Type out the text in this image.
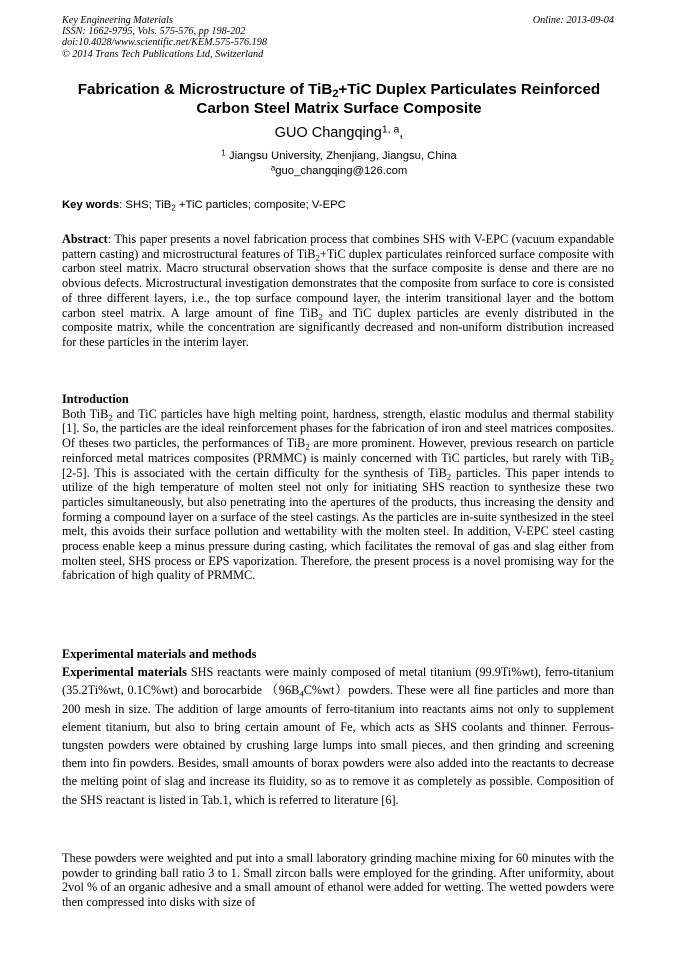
Key Engineering Materials
ISSN: 1662-9795, Vols. 575-576, pp 198-202
doi:10.4028/www.scientific.net/KEM.575-576.198
© 2014 Trans Tech Publications Ltd, Switzerland
Online: 2013-09-04
Fabrication & Microstructure of TiB$_2$+TiC Duplex Particulates Reinforced
Carbon Steel Matrix Surface Composite
GUO Changqing$^{1, a}$,
$^1$ Jiangsu University, Zhenjiang, Jiangsu, China
$^a$guo_changqing@126.com
Key words: SHS; TiB$_2$ +TiC particles; composite; V-EPC

Abstract: This paper presents a novel fabrication process that combines SHS with V-EPC (vacuum expandable pattern casting) and microstructural features of TiB$_2$+TiC duplex particulates reinforced surface composite with carbon steel matrix. Macro structural observation shows that the surface composite is dense and there are no obvious defects. Microstructural investigation demonstrates that the composite from surface to core is consisted of three different layers, i.e., the top surface compound layer, the interim transitional layer and the bottom carbon steel matrix. A large amount of fine TiB$_2$ and TiC duplex particles are evenly distributed in the composite matrix, while the concentration are significantly decreased and non-uniform distribution increased for these particles in the interim layer.

Introduction

Both TiB$_2$ and TiC particles have high melting point, hardness, strength, elastic modulus and thermal stability [1]. So, the particles are the ideal reinforcement phases for the fabrication of iron and steel matrices composites. Of theses two particles, the performances of TiB$_2$ are more prominent. However, previous research on particle reinforced metal matrices composites (PRMMC) is mainly concerned with TiC particles, but rarely with TiB$_2$ [2-5]. This is associated with the certain difficulty for the synthesis of TiB$_2$ particles. This paper intends to utilize of the high temperature of molten steel not only for initiating SHS reaction to synthesize these two particles simultaneously, but also penetrating into the apertures of the products, thus increasing the density and forming a compound layer on a surface of the steel castings. As the particles are in-suite synthesized in the steel melt, this avoids their surface pollution and wettability with the molten steel. In addition, V-EPC steel casting process enable keep a minus pressure during casting, which facilitates the removal of gas and slag either from molten steel, SHS process or EPS vaporization. Therefore, the present process is a novel promising way for the fabrication of high quality of PRMMC.

Experimental materials and methods

Experimental materials SHS reactants were mainly composed of metal titanium (99.9Ti%wt), ferro-titanium (35.2Ti%wt, 0.1C%wt) and borocarbide $(96B_4C\%wt)powders$. These were all fine particles and more than 200 mesh in size. The addition of large amounts of ferro-titanium into reactants aims not only to supplement element titanium, but also to bring certain amount of Fe, which acts as SHS coolants and thinner. Ferrous-tungsten powders were obtained by crushing large lumps into small pieces, and then grinding and screening them into fin powders. Besides, small amounts of borax powders were also added into the reactants to decrease the melting point of slag and increase its fluidity, so as to remove it as completely as possible. Composition of the SHS reactant is listed in Tab.1, which is referred to literature [6].

These powders were weighted and put into a small laboratory grinding machine mixing for 60 minutes with the powder to grinding ball ratio 3 to 1. Small zircon balls were employed for the grinding. After uniformity, about 2vol % of an organic adhesive and a small amount of ethanol were added for wetting. The wetted powders were then compressed into disks with size of
